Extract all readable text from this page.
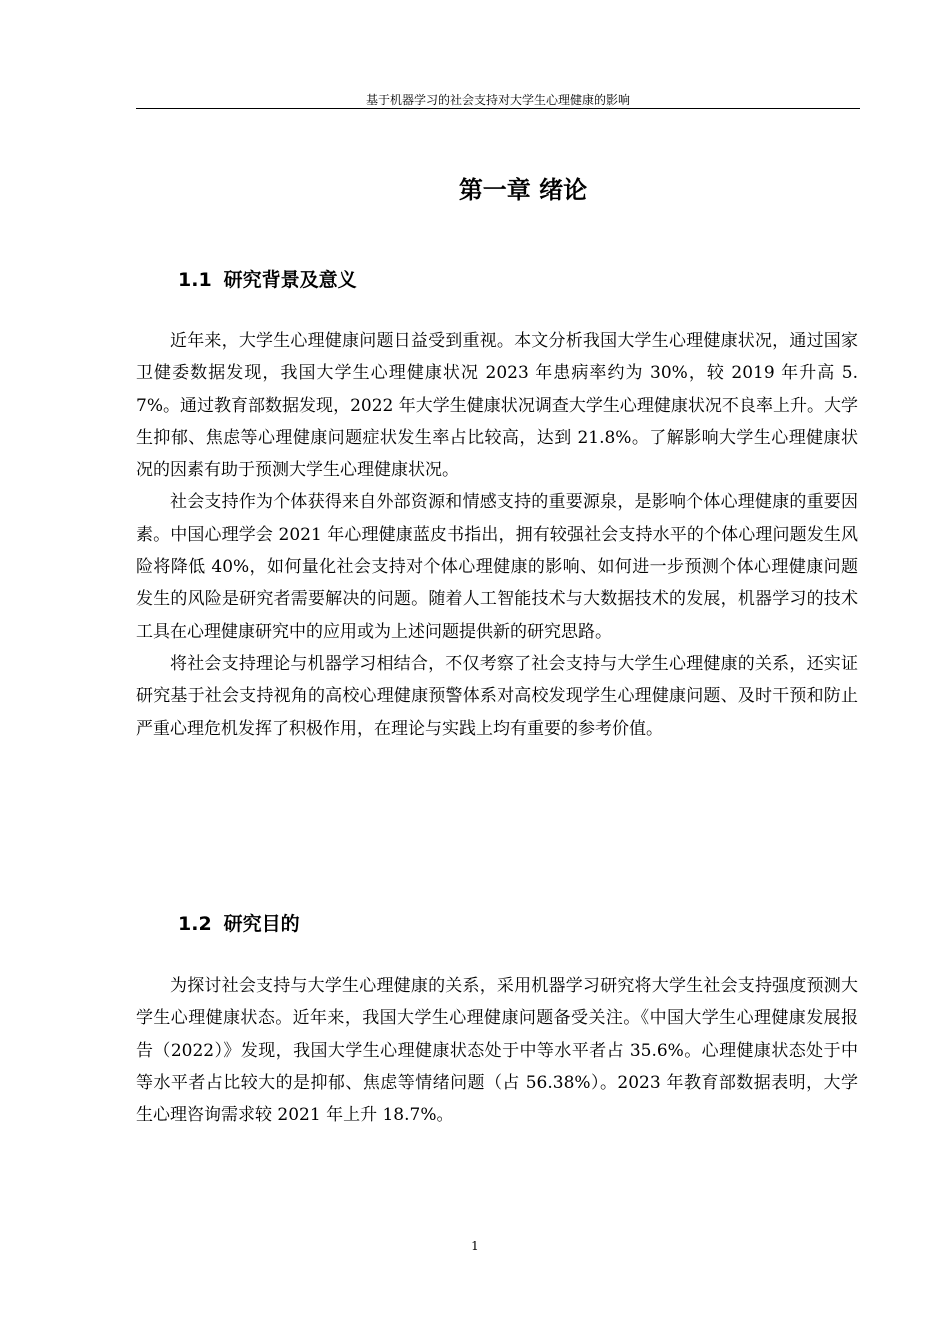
基于机器学习的社会支持对大学生心理健康的影响
第一章 绪论
1.1 研究背景及意义

近年来，大学生心理健康问题日益受到重视。本文分析我国大学生心理健康状况，通过国家卫健委数据发现，我国大学生心理健康状况 2023 年患病率约为 30%，较 2019 年升高 5.7%。通过教育部数据发现，2022 年大学生健康状况调查大学生心理健康状况不良率上升。大学生抑郁、焦虑等心理健康问题症状发生率占比较高，达到 21.8%。了解影响大学生心理健康状况的因素有助于预测大学生心理健康状况。

社会支持作为个体获得来自外部资源和情感支持的重要源泉，是影响个体心理健康的重要因素。中国心理学会 2021 年心理健康蓝皮书指出，拥有较强社会支持水平的个体心理问题发生风险将降低 40%，如何量化社会支持对个体心理健康的影响、如何进一步预测个体心理健康问题发生的风险是研究者需要解决的问题。随着人工智能技术与大数据技术的发展，机器学习的技术工具在心理健康研究中的应用或为上述问题提供新的研究思路。

将社会支持理论与机器学习相结合，不仅考察了社会支持与大学生心理健康的关系，还实证研究基于社会支持视角的高校心理健康预警体系对高校发现学生心理健康问题、及时干预和防止严重心理危机发挥了积极作用，在理论与实践上均有重要的参考价值。

1.2 研究目的

为探讨社会支持与大学生心理健康的关系，采用机器学习研究将大学生社会支持强度预测大学生心理健康状态。近年来，我国大学生心理健康问题备受关注。《中国大学生心理健康发展报告（2022）》发现，我国大学生心理健康状态处于中等水平者占 35.6%。心理健康状态处于中等水平者占比较大的是抑郁、焦虑等情绪问题（占 56.38%）。2023 年教育部数据表明，大学生心理咨询需求较 2021 年上升 18.7%。

1
